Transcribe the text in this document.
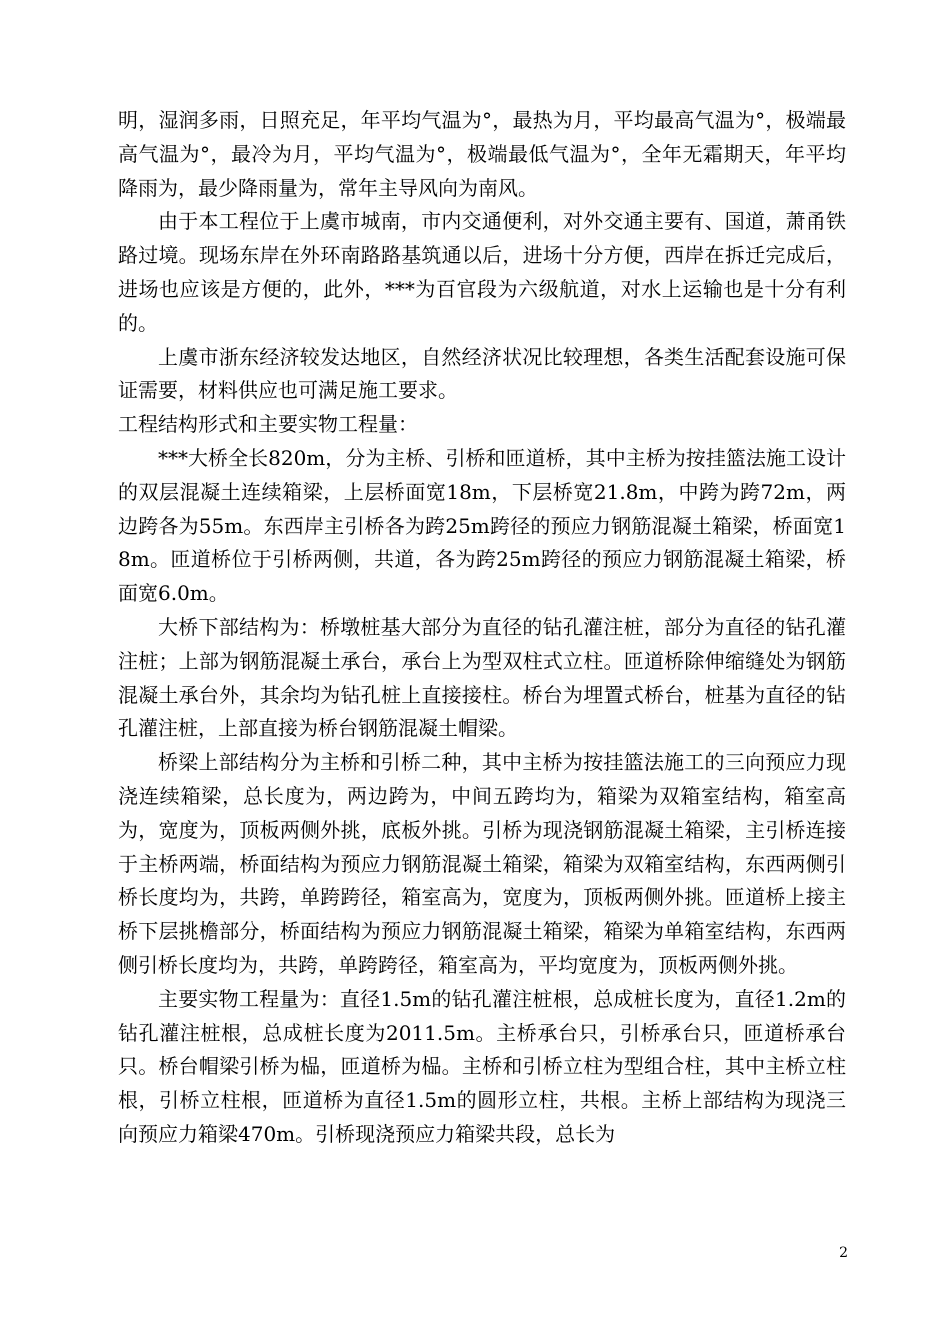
明，湿润多雨，日照充足，年平均气温为°，最热为月，平均最高气温为°，极端最高气温为°，最冷为月，平均气温为°，极端最低气温为°，全年无霜期天，年平均降雨为，最少降雨量为，常年主导风向为南风。

由于本工程位于上虞市城南，市内交通便利，对外交通主要有、国道，萧甬铁路过境。现场东岸在外环南路路基筑通以后，进场十分方便，西岸在拆迁完成后，进场也应该是方便的，此外，***为百官段为六级航道，对水上运输也是十分有利的。

上虞市浙东经济较发达地区，自然经济状况比较理想，各类生活配套设施可保证需要，材料供应也可满足施工要求。

工程结构形式和主要实物工程量：

***大桥全长820m，分为主桥、引桥和匝道桥，其中主桥为按挂篮法施工设计的双层混凝土连续箱梁，上层桥面宽18m，下层桥宽21.8m，中跨为跨72m，两边跨各为55m。东西岸主引桥各为跨25m跨径的预应力钢筋混凝土箱梁，桥面宽18m。匝道桥位于引桥两侧，共道，各为跨25m跨径的预应力钢筋混凝土箱梁，桥面宽6.0m。

大桥下部结构为：桥墩桩基大部分为直径的钻孔灌注桩，部分为直径的钻孔灌注桩；上部为钢筋混凝土承台，承台上为型双柱式立柱。匝道桥除伸缩缝处为钢筋混凝土承台外，其余均为钻孔桩上直接接柱。桥台为埋置式桥台，桩基为直径的钻孔灌注桩，上部直接为桥台钢筋混凝土帽梁。

桥梁上部结构分为主桥和引桥二种，其中主桥为按挂篮法施工的三向预应力现浇连续箱梁，总长度为，两边跨为，中间五跨均为，箱梁为双箱室结构，箱室高为，宽度为，顶板两侧外挑，底板外挑。引桥为现浇钢筋混凝土箱梁，主引桥连接于主桥两端，桥面结构为预应力钢筋混凝土箱梁，箱梁为双箱室结构，东西两侧引桥长度均为，共跨，单跨跨径，箱室高为，宽度为，顶板两侧外挑。匝道桥上接主桥下层挑檐部分，桥面结构为预应力钢筋混凝土箱梁，箱梁为单箱室结构，东西两侧引桥长度均为，共跨，单跨跨径，箱室高为，平均宽度为，顶板两侧外挑。

主要实物工程量为：直径1.5m的钻孔灌注桩根，总成桩长度为，直径1.2m的钻孔灌注桩根，总成桩长度为2011.5m。主桥承台只，引桥承台只，匝道桥承台只。桥台帽梁引桥为榀，匝道桥为榀。主桥和引桥立柱为型组合柱，其中主桥立柱根，引桥立柱根，匝道桥为直径1.5m的圆形立柱，共根。主桥上部结构为现浇三向预应力箱梁470m。引桥现浇预应力箱梁共段，总长为

2
